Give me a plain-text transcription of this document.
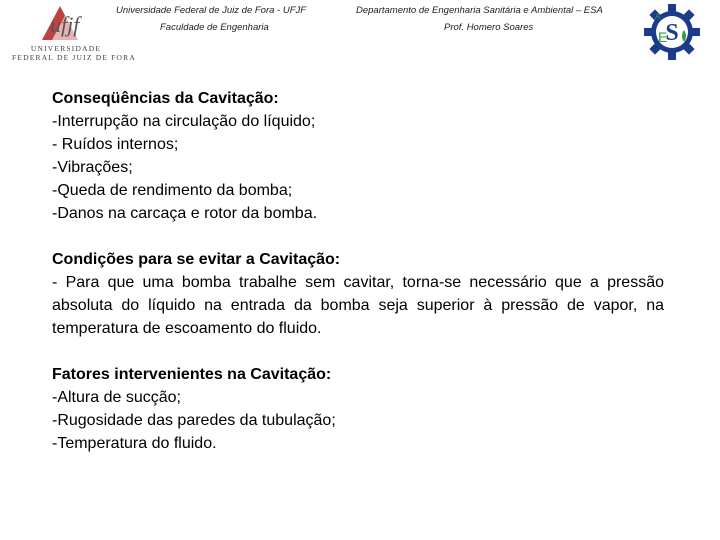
ufjf
UNIVERSIDADE
FEDERAL DE JUIZ DE FORA
Universidade Federal de Juiz de Fora - UFJF
Faculdade de Engenharia
Departamento de Engenharia Sanitária e Ambiental – ESA
Prof. Homero Soares	S
A
E
Conseqüências da Cavitação:
-Interrupção na circulação do líquido;
- Ruídos internos;
-Vibrações;
-Queda de rendimento da bomba;
-Danos na carcaça e rotor da bomba.
Condições para se evitar a Cavitação:
- Para que uma bomba trabalhe sem cavitar, torna-se necessário que a pressão absoluta do líquido na entrada da bomba seja superior à pressão de vapor, na temperatura de escoamento do fluido.
Fatores intervenientes na Cavitação:
-Altura de sucção;
-Rugosidade das paredes da tubulação;
-Temperatura do fluido.
